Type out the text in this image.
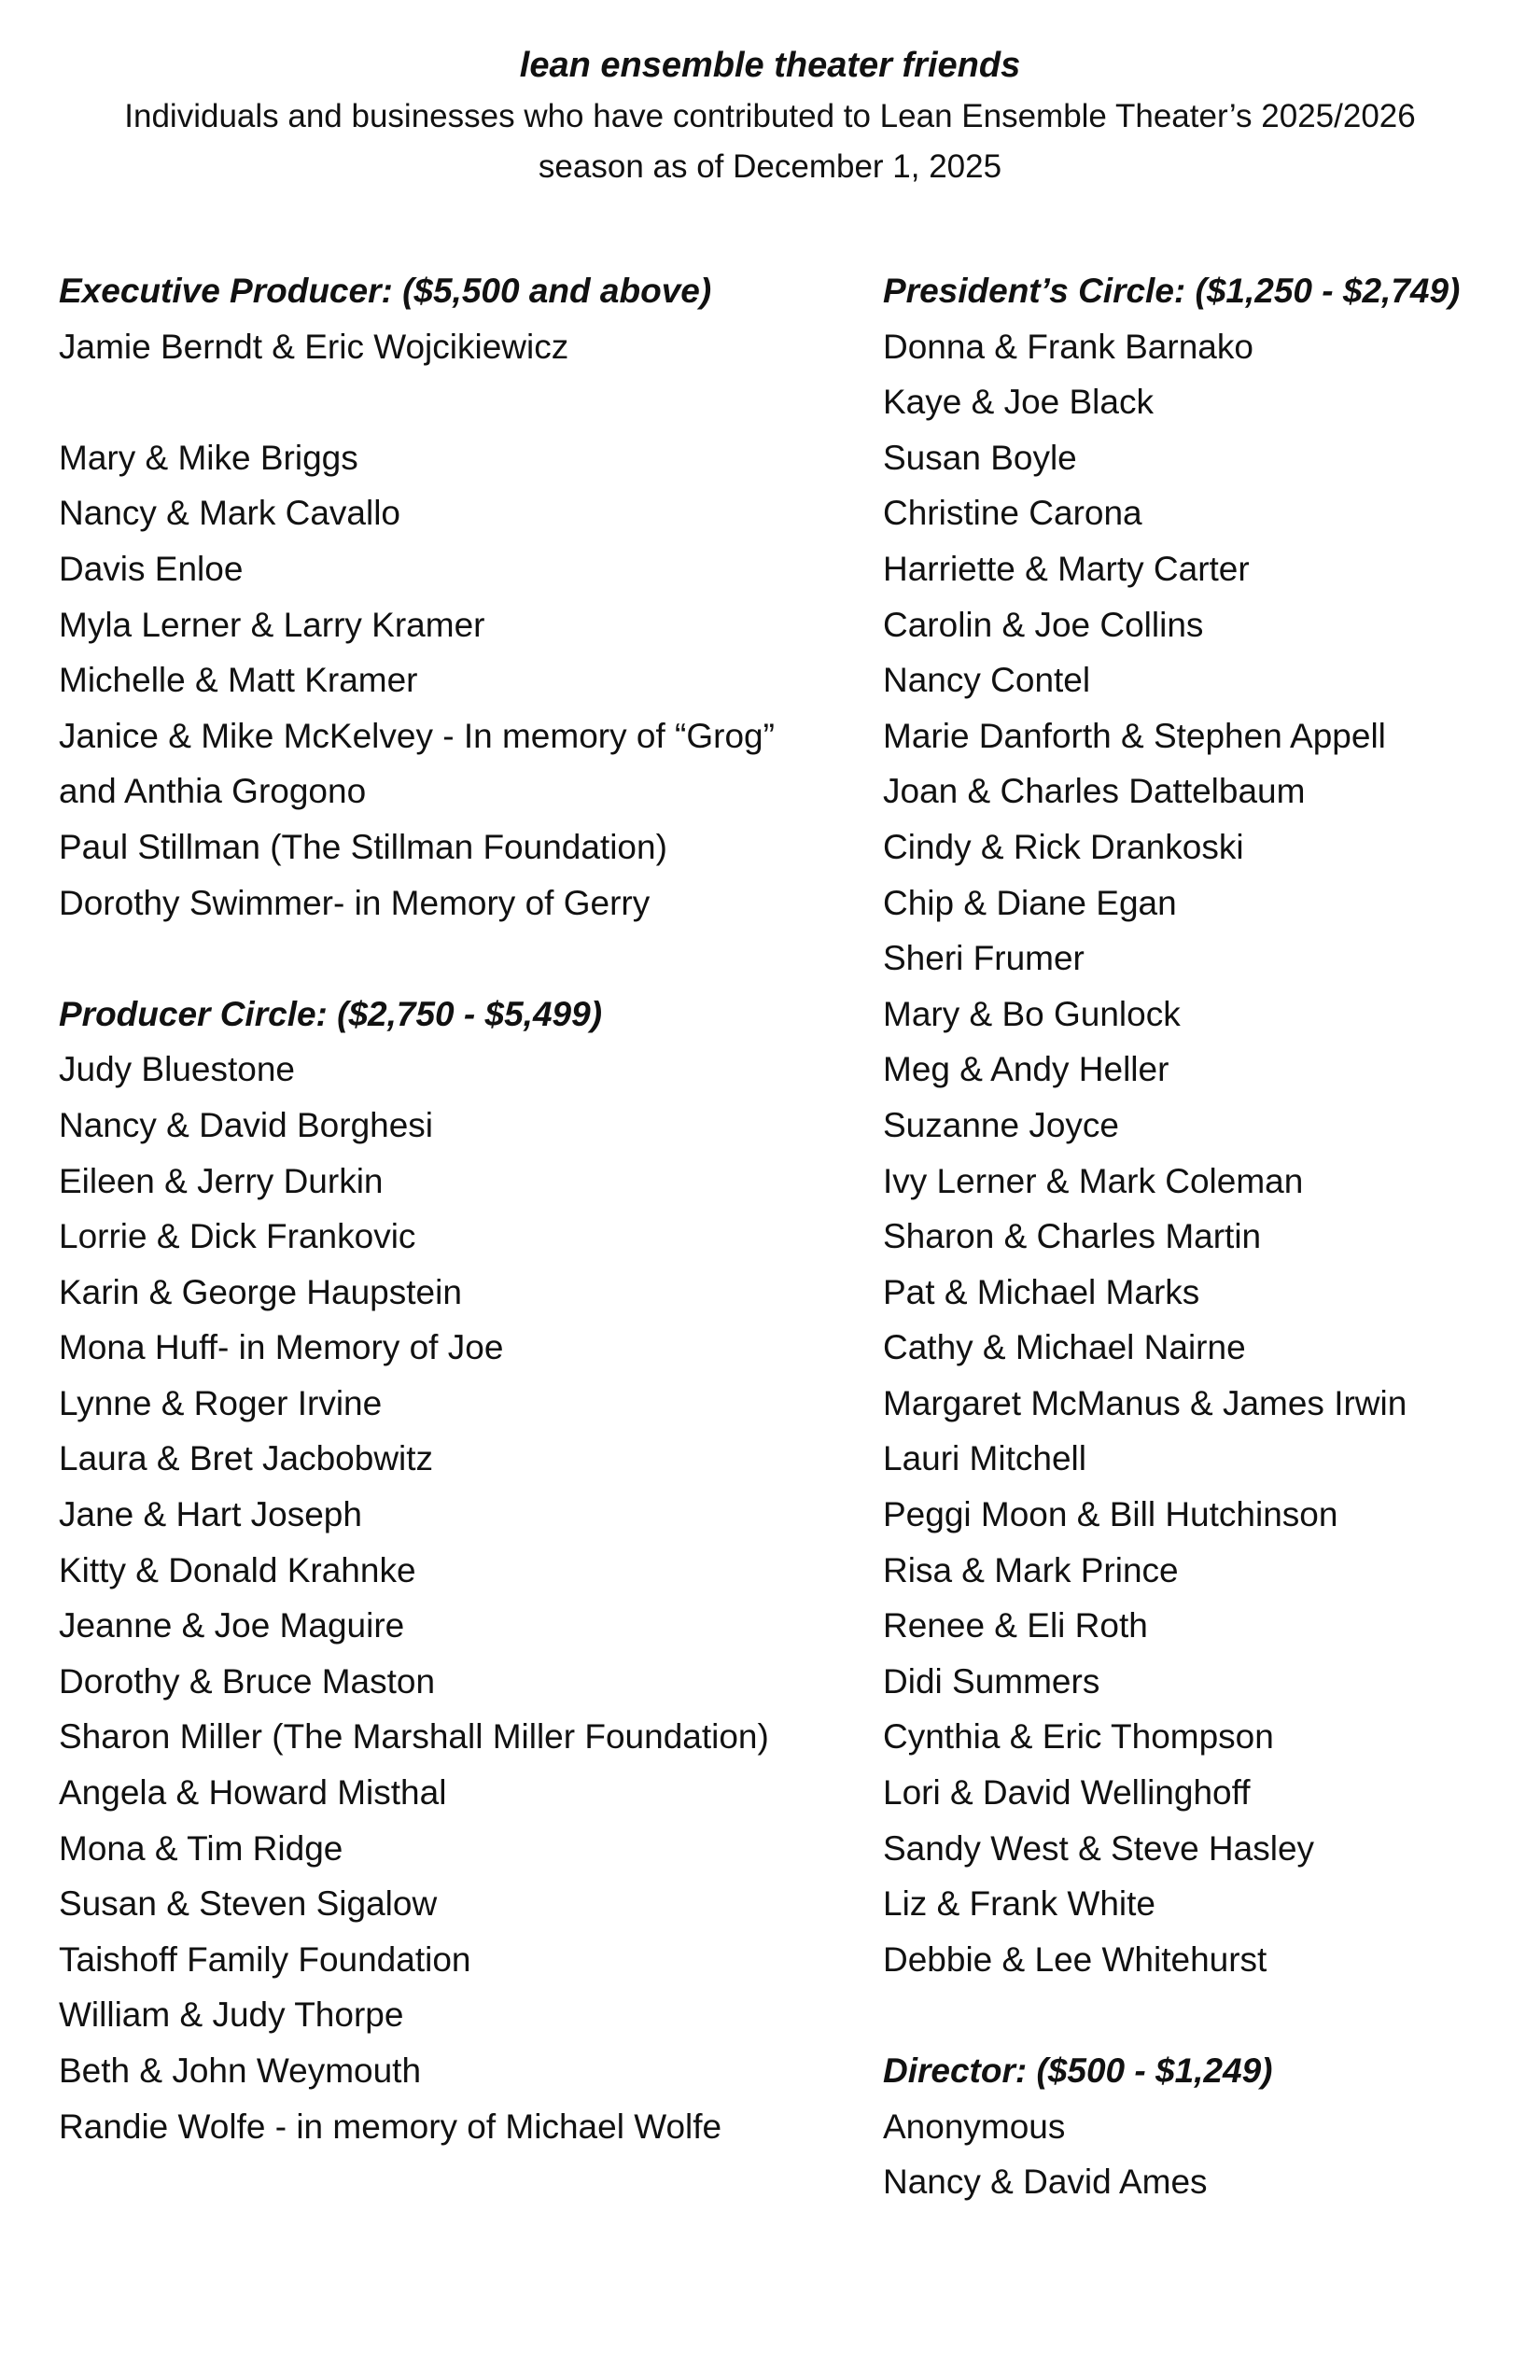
lean ensemble theater friends
Individuals and businesses who have contributed to Lean Ensemble Theater’s 2025/2026 season as of December 1, 2025
Executive Producer: ($5,500 and above)
Jamie Berndt & Eric Wojcikiewicz
Mary & Mike Briggs
Nancy & Mark Cavallo
Davis Enloe
Myla Lerner & Larry Kramer
Michelle & Matt Kramer
Janice & Mike McKelvey - In memory of “Grog”
and Anthia Grogono
Paul Stillman (The Stillman Foundation)
Dorothy Swimmer- in Memory of Gerry
Producer Circle: ($2,750 - $5,499)
Judy Bluestone
Nancy & David Borghesi
Eileen & Jerry Durkin
Lorrie & Dick Frankovic
Karin & George Haupstein
Mona Huff- in Memory of Joe
Lynne & Roger Irvine
Laura & Bret Jacbobwitz
Jane & Hart Joseph
Kitty & Donald Krahnke
Jeanne & Joe Maguire
Dorothy & Bruce Maston
Sharon Miller (The Marshall Miller Foundation)
Angela & Howard Misthal
Mona & Tim Ridge
Susan & Steven Sigalow
Taishoff Family Foundation
William & Judy Thorpe
Beth & John Weymouth
Randie Wolfe - in memory of Michael Wolfe
President’s Circle: ($1,250 - $2,749)
Donna & Frank Barnako
Kaye & Joe Black
Susan Boyle
Christine Carona
Harriette & Marty Carter
Carolin & Joe Collins
Nancy Contel
Marie Danforth & Stephen Appell
Joan & Charles Dattelbaum
Cindy & Rick Drankoski
Chip & Diane Egan
Sheri Frumer
Mary & Bo Gunlock
Meg & Andy Heller
Suzanne Joyce
Ivy Lerner & Mark Coleman
Sharon & Charles Martin
Pat & Michael Marks
Cathy & Michael Nairne
Margaret McManus & James Irwin
Lauri Mitchell
Peggi Moon & Bill Hutchinson
Risa & Mark Prince
Renee & Eli Roth
Didi Summers
Cynthia & Eric Thompson
Lori & David Wellinghoff
Sandy West & Steve Hasley
Liz & Frank White
Debbie & Lee Whitehurst
Director: ($500 - $1,249)
Anonymous
Nancy & David Ames
